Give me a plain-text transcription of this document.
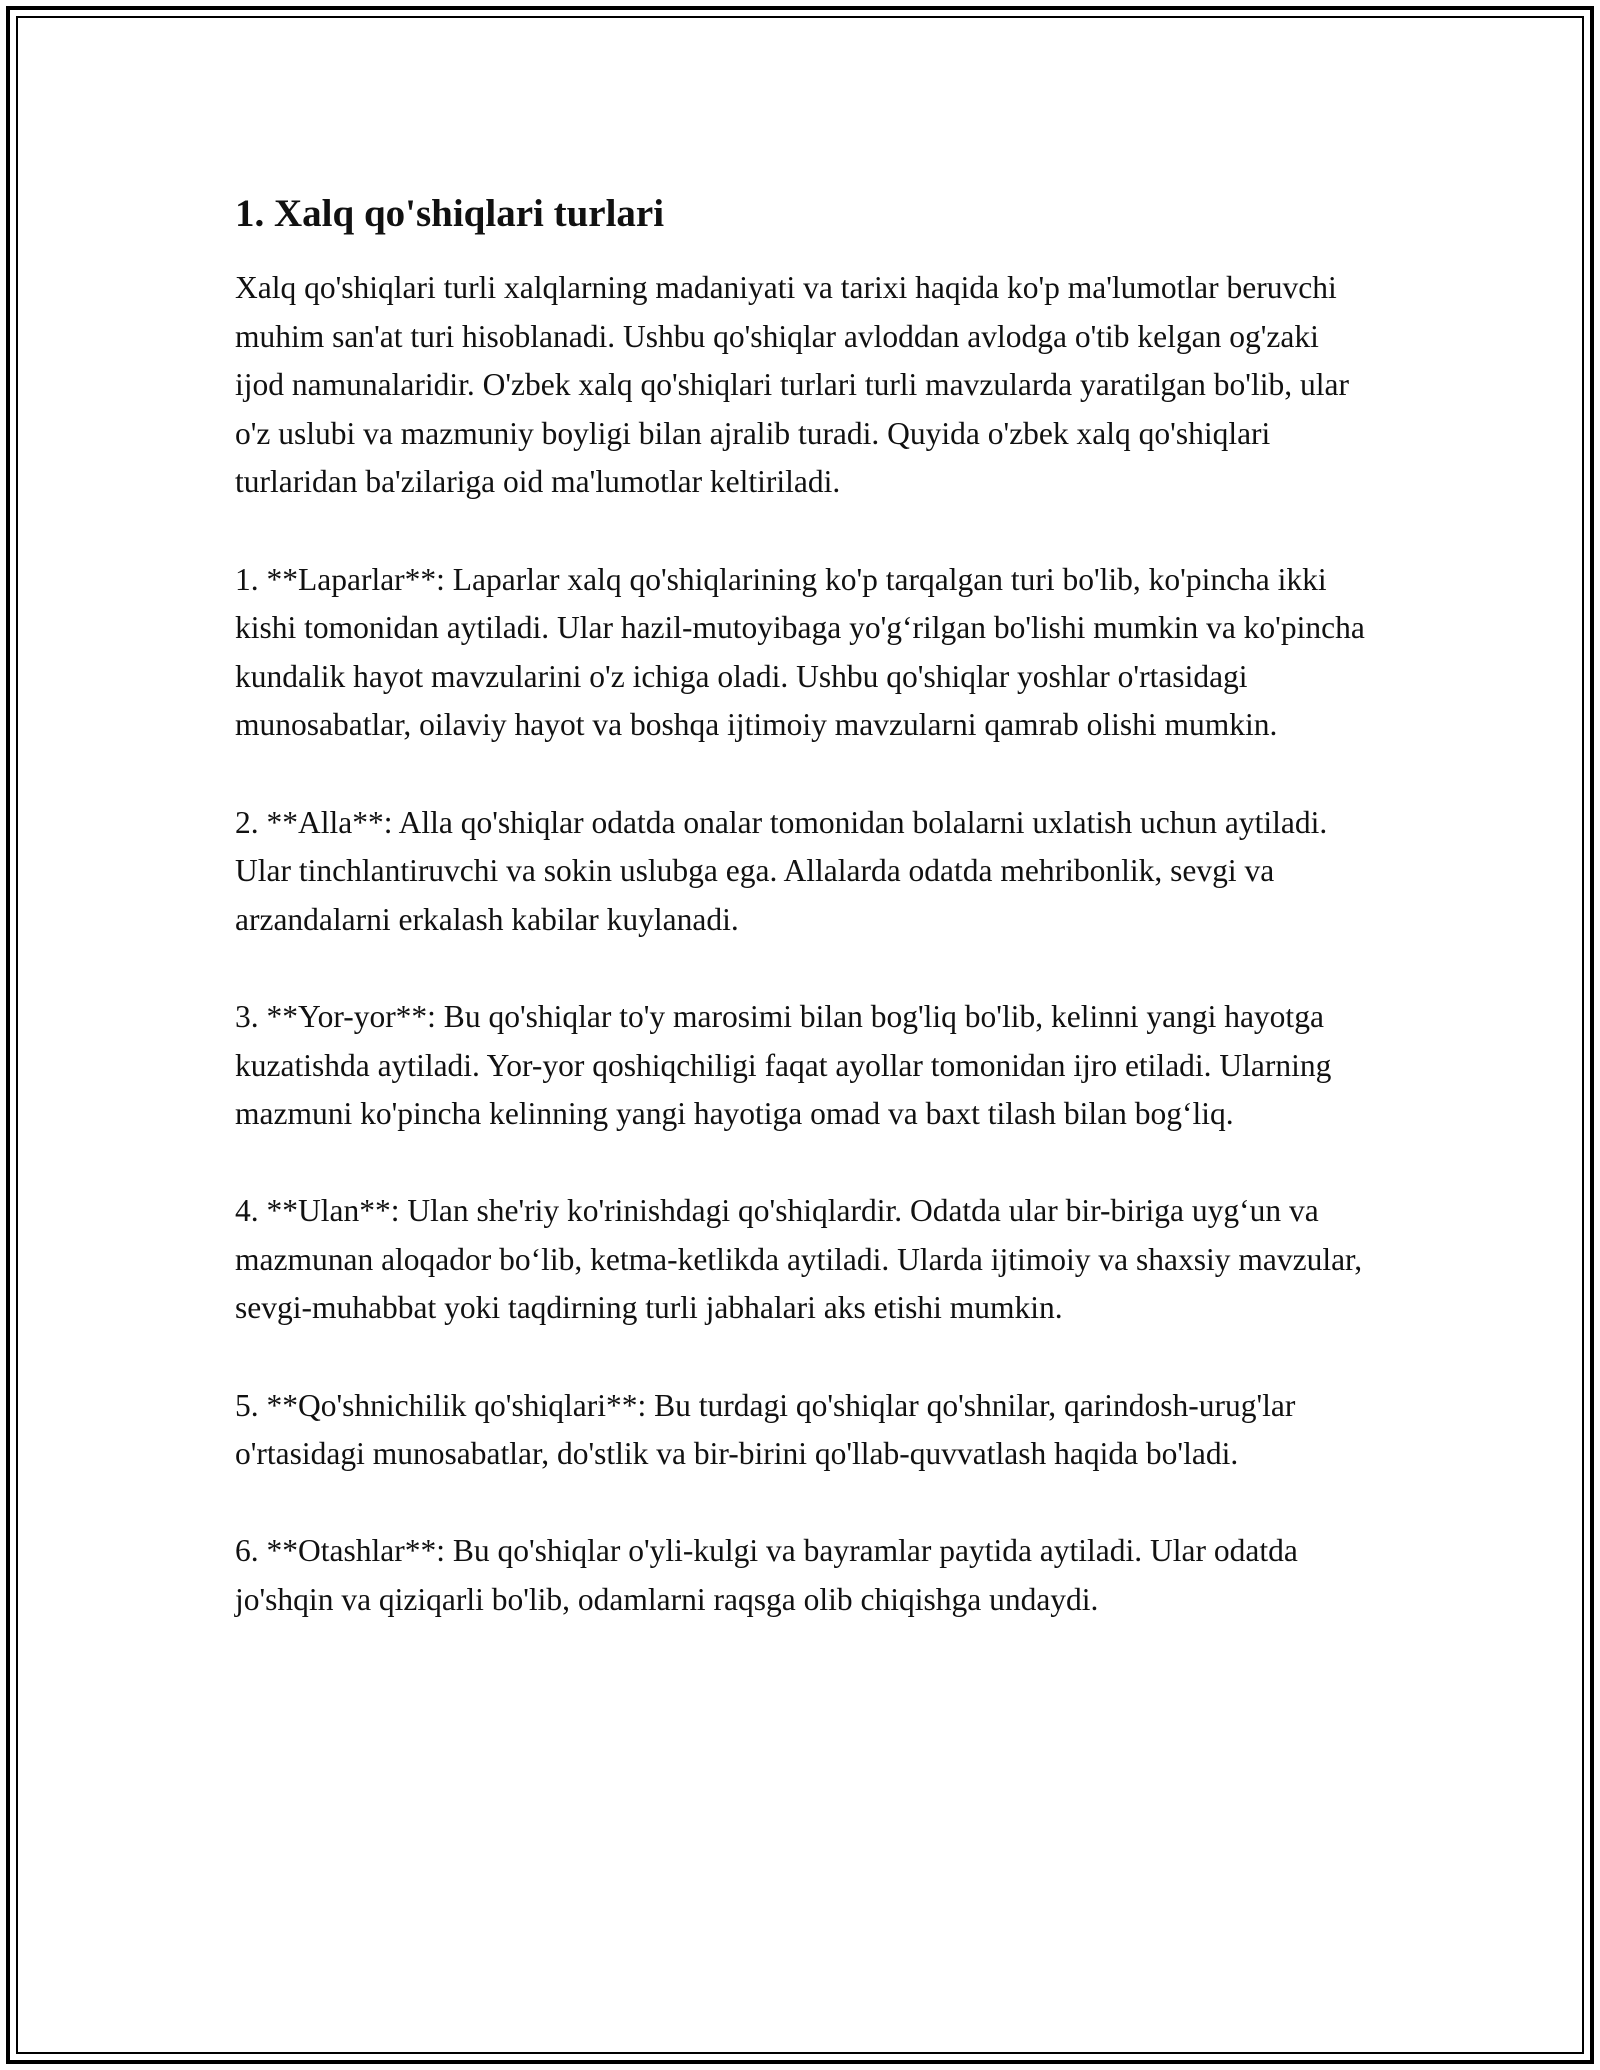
1. Xalq qo'shiqlari turlari

Xalq qo'shiqlari turli xalqlarning madaniyati va tarixi haqida ko'p ma'lumotlar beruvchi muhim san'at turi hisoblanadi. Ushbu qo'shiqlar avloddan avlodga o'tib kelgan og'zaki ijod namunalaridir. O'zbek xalq qo'shiqlari turlari turli mavzularda yaratilgan bo'lib, ular o'z uslubi va mazmuniy boyligi bilan ajralib turadi. Quyida o'zbek xalq qo'shiqlari turlaridan ba'zilariga oid ma'lumotlar keltiriladi.

1. **Laparlar**: Laparlar xalq qo'shiqlarining ko'p tarqalgan turi bo'lib, ko'pincha ikki kishi tomonidan aytiladi. Ular hazil-mutoyibaga yo'g‘rilgan bo'lishi mumkin va ko'pincha kundalik hayot mavzularini o'z ichiga oladi. Ushbu qo'shiqlar yoshlar o'rtasidagi munosabatlar, oilaviy hayot va boshqa ijtimoiy mavzularni qamrab olishi mumkin.

2. **Alla**: Alla qo'shiqlar odatda onalar tomonidan bolalarni uxlatish uchun aytiladi. Ular tinchlantiruvchi va sokin uslubga ega. Allalarda odatda mehribonlik, sevgi va arzandalarni erkalash kabilar kuylanadi.

3. **Yor-yor**: Bu qo'shiqlar to'y marosimi bilan bog'liq bo'lib, kelinni yangi hayotga kuzatishda aytiladi. Yor-yor qoshiqchiligi faqat ayollar tomonidan ijro etiladi. Ularning mazmuni ko'pincha kelinning yangi hayotiga omad va baxt tilash bilan bog‘liq.

4. **Ulan**: Ulan she'riy ko'rinishdagi qo'shiqlardir. Odatda ular bir-biriga uyg‘un va mazmunan aloqador bo‘lib, ketma-ketlikda aytiladi. Ularda ijtimoiy va shaxsiy mavzular, sevgi-muhabbat yoki taqdirning turli jabhalari aks etishi mumkin.

5. **Qo'shnichilik qo'shiqlari**: Bu turdagi qo'shiqlar qo'shnilar, qarindosh-urug'lar o'rtasidagi munosabatlar, do'stlik va bir-birini qo'llab-quvvatlash haqida bo'ladi.

6. **Otashlar**: Bu qo'shiqlar o'yli-kulgi va bayramlar paytida aytiladi. Ular odatda jo'shqin va qiziqarli bo'lib, odamlarni raqsga olib chiqishga undaydi.
